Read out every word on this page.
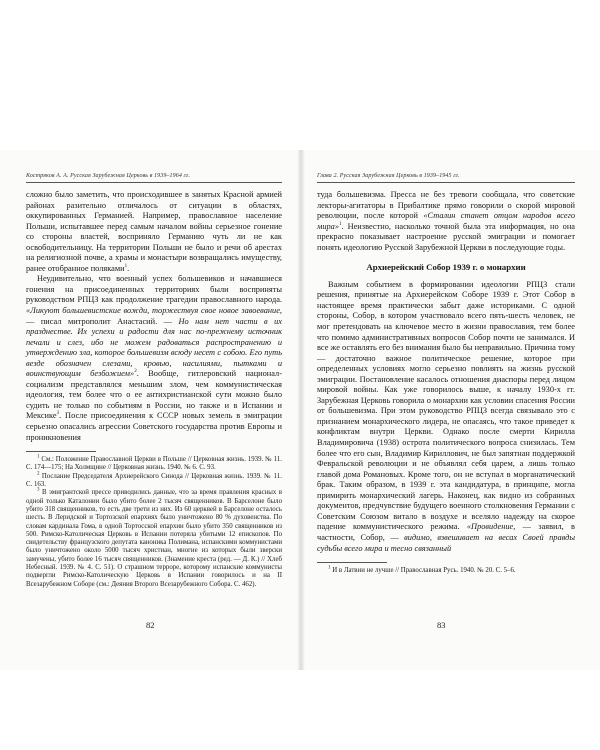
Костряков А. А. Русская Зарубежная Церковь в 1939–1964 гг.

сложно было заметить, что происходившее в занятых Красной армией районах разительно отличалось от ситуации в областях, оккупированных Германией. Например, православное население Польши, испытавшее перед самым началом войны серьезное гонение со стороны властей, восприняло Германию чуть ли не как освободительницу. На территории Польши не было и речи об арестах на религиозной почве, а храмы и монастыри возвращались имуществу, ранее отобранное поляками$^1$.

Неудивительно, что военный успех большевиков и начавшиеся гонения на присоединенных территориях были восприняты руководством РПЦЗ как продолжение трагедии православного народа. «Ликуют большевистские вожди, торжествуя свое новое завоевание, — писал митрополит Анастасий. — Но нам нет части в их празднестве. Их успехи и радости для нас по-прежнему источник печали и слез, ибо не можем радоваться распространению и утверждению зла, которое большевизм всюду несет с собою. Его путь везде обозначен слезами, кровью, насилиями, пытками и воинствующим безбожием»$^2$. Вообще, гитлеровский национал-социализм представлялся меньшим злом, чем коммунистическая идеология, тем более что о ее антихристианской сути можно было судить не только по событиям в России, но также и в Испании и Мексике$^3$. После присоединения к СССР новых земель в эмиграции серьезно опасались агрессии Советского государства против Европы и проникновения

$^1$ См.: Положение Православной Церкви в Польше // Церковная жизнь. 1939. № 11. С. 174—175; На Холмщине // Церковная жизнь. 1940. № 6. С. 93.

$^2$ Послание Председателя Архиерейского Синода // Церковная жизнь. 1939. № 11. С. 163.

$^3$ В эмигрантской прессе приводились данные, что за время правления красных в одной только Каталонии было убито более 2 тысяч священников. В Барселоне было убито 318 священников, то есть две трети из них. Из 60 церквей в Барселоне осталось шесть. В Леридской и Тортозской епархиях было уничтожено 80 % духовенства. По словам кардинала Гома, в одной Тортосской епархии было убито 350 священников из 500. Римско-Католическая Церковь в Испании потеряла убитыми 12 епископов. По свидетельству французского депутата каноника Полимана, испанскими коммунистами было уничтожено около 5000 тысяч христиан, многие из которых были зверски замучены, убито более 16 тысяч священников. (Знамение креста (ред. — Д. К.) // Хлеб Небесный. 1939. № 4. С. 51). О страшном терроре, которому испанские коммунисты подвергли Римско-Католическую Церковь в Испании говорилось и на II Всезарубежном Соборе (см.: Деяния Второго Всезарубежного Собора. С. 462).

82
Глава 2. Русская Зарубежная Церковь в 1939–1945 гг.

туда большевизма. Пресса не без тревоги сообщала, что советские лекторы-агитаторы в Прибалтике прямо говорили о скорой мировой революции, после которой «Сталин станет отцом народов всего мира»$^1$. Неизвестно, насколько точной была эта информация, но она прекрасно показывает настроение русской эмиграции и помогает понять идеологию Русской Зарубежной Церкви в последующие годы.

Архиерейский Собор 1939 г. о монархии

Важным событием в формировании идеологии РПЦЗ стали решения, принятые на Архиерейском Соборе 1939 г. Этот Собор в настоящее время практически забыт даже историками. С одной стороны, Собор, в котором участвовало всего пять-шесть человек, не мог претендовать на ключевое место в жизни православия, тем более что помимо административных вопросов Собор почти не занимался. И все же оставлять его без внимания было бы неправильно. Причина тому — достаточно важное политическое решение, которое при определенных условиях могло серьезно повлиять на жизнь русской эмиграции. Постановление касалось отношения диаспоры перед лицом мировой войны. Как уже говорилось выше, к началу 1930-х гг. Зарубежная Церковь говорила о монархии как условии спасения России от большевизма. При этом руководство РПЦЗ всегда связывало это с признанием монархического лидера, не опасаясь, что такое приведет к конфликтам внутри Церкви. Однако после смерти Кирилла Владимировича (1938) острота политического вопроса снизилась. Тем более что его сын, Владимир Кириллович, не был запятнан поддержкой Февральской революции и не объявлял себя царем, а лишь только главой дома Романовых. Кроме того, он не вступал в морганатический брак. Таким образом, в 1939 г. эта кандидатура, в принципе, могла примирить монархический лагерь. Наконец, как видно из собранных документов, предчувствие будущего военного столкновения Германии с Советским Союзом витало в воздухе и вселяло надежду на скорое падение коммунистического режима. «Провидение, — заявил, в частности, Собор, — видимо, взвешивает на весах Своей правды судьбы всего мира и тесно связанный

$^1$ И в Латвии не лучше // Православная Русь. 1940. № 20. С. 5–6.

83
